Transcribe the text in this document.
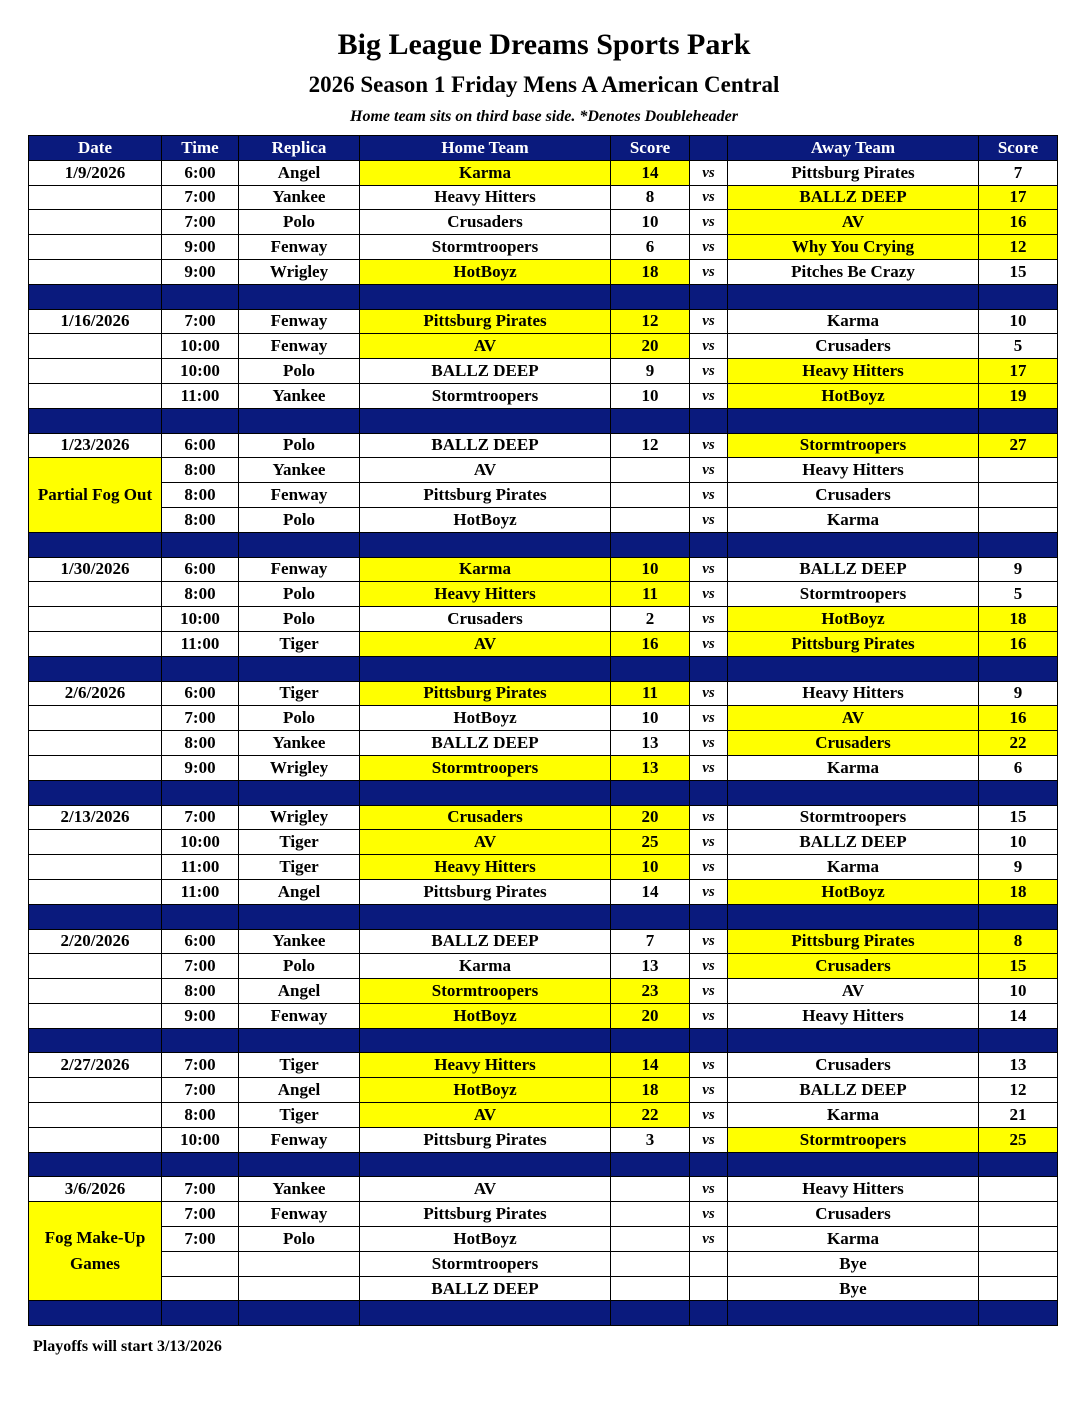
Big League Dreams Sports Park
2026 Season 1 Friday Mens A American Central
Home team sits on third base side. *Denotes Doubleheader
Date	Time	Replica	Home Team	Score		Away Team	Score
1/9/2026	6:00	Angel	Karma	14	vs	Pittsburg Pirates	7
	7:00	Yankee	Heavy Hitters	8	vs	BALLZ DEEP	17
	7:00	Polo	Crusaders	10	vs	AV	16
	9:00	Fenway	Stormtroopers	6	vs	Why You Crying	12
	9:00	Wrigley	HotBoyz	18	vs	Pitches Be Crazy	15

1/16/2026	7:00	Fenway	Pittsburg Pirates	12	vs	Karma	10
	10:00	Fenway	AV	20	vs	Crusaders	5
	10:00	Polo	BALLZ DEEP	9	vs	Heavy Hitters	17
	11:00	Yankee	Stormtroopers	10	vs	HotBoyz	19

1/23/2026	6:00	Polo	BALLZ DEEP	12	vs	Stormtroopers	27
Partial Fog Out	8:00	Yankee	AV		vs	Heavy Hitters	
	8:00	Fenway	Pittsburg Pirates		vs	Crusaders	
	8:00	Polo	HotBoyz		vs	Karma	

1/30/2026	6:00	Fenway	Karma	10	vs	BALLZ DEEP	9
	8:00	Polo	Heavy Hitters	11	vs	Stormtroopers	5
	10:00	Polo	Crusaders	2	vs	HotBoyz	18
	11:00	Tiger	AV	16	vs	Pittsburg Pirates	16

2/6/2026	6:00	Tiger	Pittsburg Pirates	11	vs	Heavy Hitters	9
	7:00	Polo	HotBoyz	10	vs	AV	16
	8:00	Yankee	BALLZ DEEP	13	vs	Crusaders	22
	9:00	Wrigley	Stormtroopers	13	vs	Karma	6

2/13/2026	7:00	Wrigley	Crusaders	20	vs	Stormtroopers	15
	10:00	Tiger	AV	25	vs	BALLZ DEEP	10
	11:00	Tiger	Heavy Hitters	10	vs	Karma	9
	11:00	Angel	Pittsburg Pirates	14	vs	HotBoyz	18

2/20/2026	6:00	Yankee	BALLZ DEEP	7	vs	Pittsburg Pirates	8
	7:00	Polo	Karma	13	vs	Crusaders	15
	8:00	Angel	Stormtroopers	23	vs	AV	10
	9:00	Fenway	HotBoyz	20	vs	Heavy Hitters	14

2/27/2026	7:00	Tiger	Heavy Hitters	14	vs	Crusaders	13
	7:00	Angel	HotBoyz	18	vs	BALLZ DEEP	12
	8:00	Tiger	AV	22	vs	Karma	21
	10:00	Fenway	Pittsburg Pirates	3	vs	Stormtroopers	25

3/6/2026	7:00	Yankee	AV		vs	Heavy Hitters	
Fog Make-Up Games	7:00	Fenway	Pittsburg Pirates		vs	Crusaders	
	7:00	Polo	HotBoyz		vs	Karma	
			Stormtroopers			Bye	
			BALLZ DEEP			Bye	

Playoffs will start 3/13/2026
